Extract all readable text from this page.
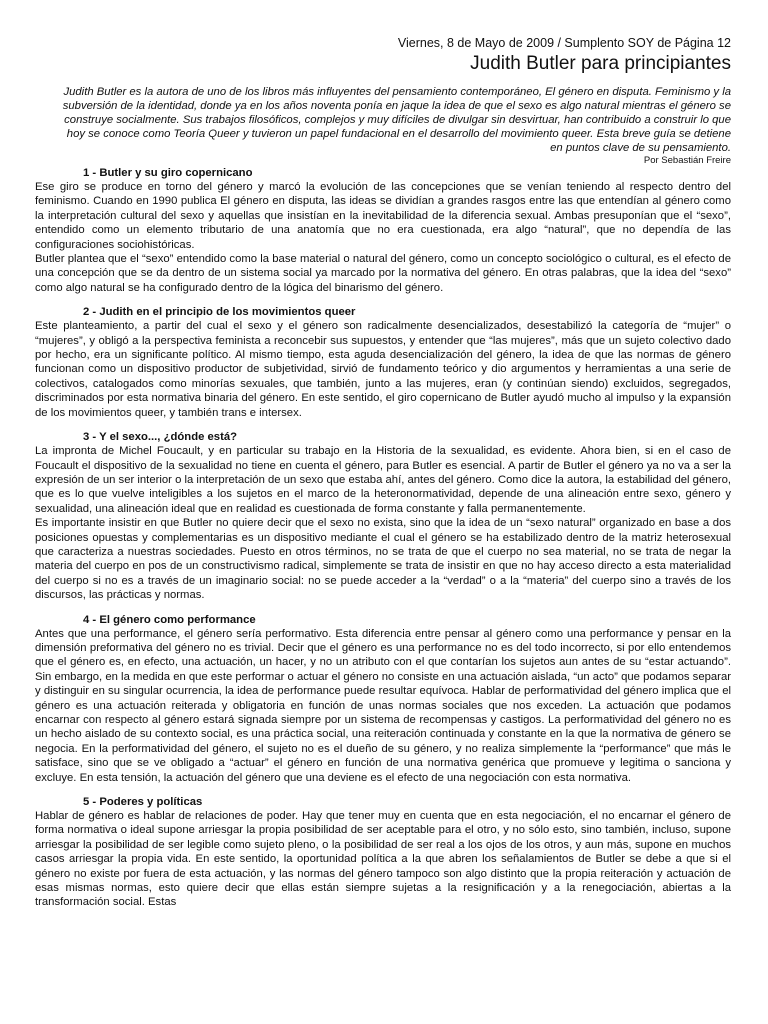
Viernes, 8 de Mayo de 2009 / Sumplento SOY de Página 12
Judith Butler para principiantes
Judith Butler es la autora de uno de los libros más influyentes del pensamiento contemporáneo, El género en disputa. Feminismo y la subversión de la identidad, donde ya en los años noventa ponía en jaque la idea de que el sexo es algo natural mientras el género se construye socialmente. Sus trabajos filosóficos, complejos y muy difíciles de divulgar sin desvirtuar, han contribuido a construir lo que hoy se conoce como Teoría Queer y tuvieron un papel fundacional en el desarrollo del movimiento queer. Esta breve guía se detiene en puntos clave de su pensamiento.
Por Sebastián Freire
1 - Butler y su giro copernicano

Ese giro se produce en torno del género y marcó la evolución de las concepciones que se venían teniendo al respecto dentro del feminismo. Cuando en 1990 publica El género en disputa, las ideas se dividían a grandes rasgos entre las que entendían al género como la interpretación cultural del sexo y aquellas que insistían en la inevitabilidad de la diferencia sexual. Ambas presuponían que el “sexo”, entendido como un elemento tributario de una anatomía que no era cuestionada, era algo “natural”, que no dependía de las configuraciones sociohistóricas.

Butler plantea que el “sexo” entendido como la base material o natural del género, como un concepto sociológico o cultural, es el efecto de una concepción que se da dentro de un sistema social ya marcado por la normativa del género. En otras palabras, que la idea del “sexo” como algo natural se ha configurado dentro de la lógica del binarismo del género.

2 - Judith en el principio de los movimientos queer

Este planteamiento, a partir del cual el sexo y el género son radicalmente desencializados, desestabilizó la categoría de “mujer” o “mujeres”, y obligó a la perspectiva feminista a reconcebir sus supuestos, y entender que “las mujeres”, más que un sujeto colectivo dado por hecho, era un significante político. Al mismo tiempo, esta aguda desencialización del género, la idea de que las normas de género funcionan como un dispositivo productor de subjetividad, sirvió de fundamento teórico y dio argumentos y herramientas a una serie de colectivos, catalogados como minorías sexuales, que también, junto a las mujeres, eran (y continúan siendo) excluidos, segregados, discriminados por esta normativa binaria del género. En este sentido, el giro copernicano de Butler ayudó mucho al impulso y la expansión de los movimientos queer, y también trans e intersex.

3 - Y el sexo..., ¿dónde está?

La impronta de Michel Foucault, y en particular su trabajo en la Historia de la sexualidad, es evidente. Ahora bien, si en el caso de Foucault el dispositivo de la sexualidad no tiene en cuenta el género, para Butler es esencial. A partir de Butler el género ya no va a ser la expresión de un ser interior o la interpretación de un sexo que estaba ahí, antes del género. Como dice la autora, la estabilidad del género, que es lo que vuelve inteligibles a los sujetos en el marco de la heteronormatividad, depende de una alineación entre sexo, género y sexualidad, una alineación ideal que en realidad es cuestionada de forma constante y falla permanentemente.

Es importante insistir en que Butler no quiere decir que el sexo no exista, sino que la idea de un “sexo natural” organizado en base a dos posiciones opuestas y complementarias es un dispositivo mediante el cual el género se ha estabilizado dentro de la matriz heterosexual que caracteriza a nuestras sociedades. Puesto en otros términos, no se trata de que el cuerpo no sea material, no se trata de negar la materia del cuerpo en pos de un constructivismo radical, simplemente se trata de insistir en que no hay acceso directo a esta materialidad del cuerpo si no es a través de un imaginario social: no se puede acceder a la “verdad” o a la “materia” del cuerpo sino a través de los discursos, las prácticas y normas.

4 - El género como performance

Antes que una performance, el género sería performativo. Esta diferencia entre pensar al género como una performance y pensar en la dimensión preformativa del género no es trivial. Decir que el género es una performance no es del todo incorrecto, si por ello entendemos que el género es, en efecto, una actuación, un hacer, y no un atributo con el que contarían los sujetos aun antes de su “estar actuando”. Sin embargo, en la medida en que este performar o actuar el género no consiste en una actuación aislada, “un acto” que podamos separar y distinguir en su singular ocurrencia, la idea de performance puede resultar equívoca. Hablar de performatividad del género implica que el género es una actuación reiterada y obligatoria en función de unas normas sociales que nos exceden. La actuación que podamos encarnar con respecto al género estará signada siempre por un sistema de recompensas y castigos. La performatividad del género no es un hecho aislado de su contexto social, es una práctica social, una reiteración continuada y constante en la que la normativa de género se negocia. En la performatividad del género, el sujeto no es el dueño de su género, y no realiza simplemente la “performance” que más le satisface, sino que se ve obligado a “actuar” el género en función de una normativa genérica que promueve y legitima o sanciona y excluye. En esta tensión, la actuación del género que una deviene es el efecto de una negociación con esta normativa.

5 - Poderes y políticas

Hablar de género es hablar de relaciones de poder. Hay que tener muy en cuenta que en esta negociación, el no encarnar el género de forma normativa o ideal supone arriesgar la propia posibilidad de ser aceptable para el otro, y no sólo esto, sino también, incluso, supone arriesgar la posibilidad de ser legible como sujeto pleno, o la posibilidad de ser real a los ojos de los otros, y aun más, supone en muchos casos arriesgar la propia vida. En este sentido, la oportunidad política a la que abren los señalamientos de Butler se debe a que si el género no existe por fuera de esta actuación, y las normas del género tampoco son algo distinto que la propia reiteración y actuación de esas mismas normas, esto quiere decir que ellas están siempre sujetas a la resignificación y a la renegociación, abiertas a la transformación social. Estas
